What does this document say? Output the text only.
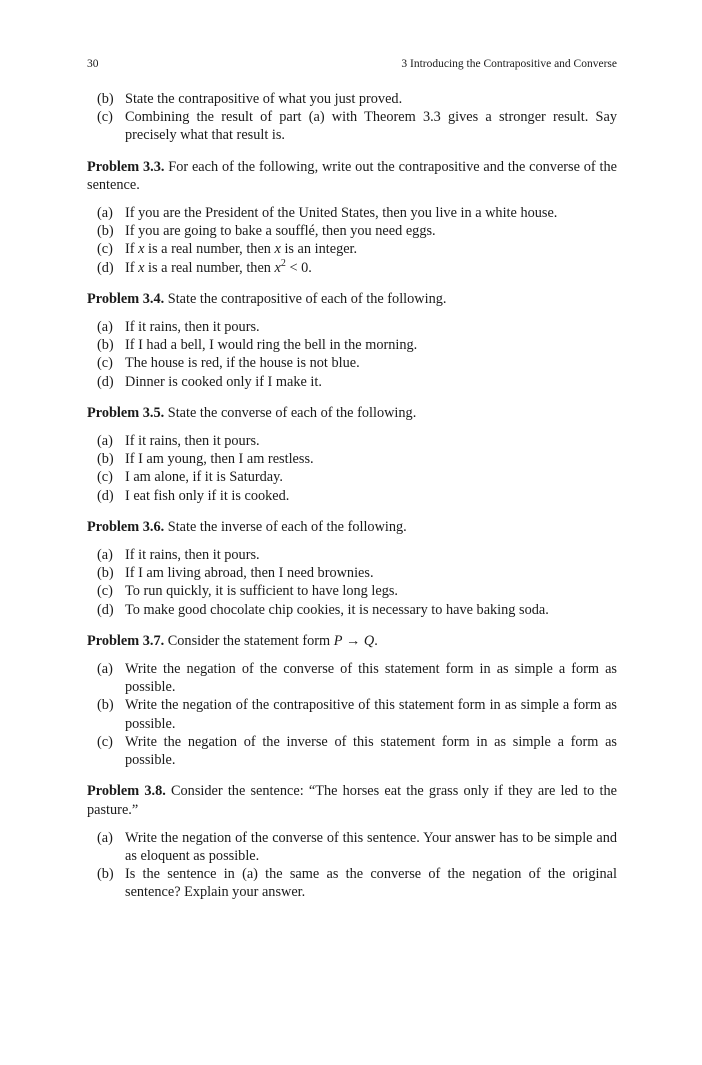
30	3 Introducing the Contrapositive and Converse
(b) State the contrapositive of what you just proved.
(c) Combining the result of part (a) with Theorem 3.3 gives a stronger result. Say precisely what that result is.
Problem 3.3. For each of the following, write out the contrapositive and the converse of the sentence.
(a) If you are the President of the United States, then you live in a white house.
(b) If you are going to bake a soufflé, then you need eggs.
(c) If x is a real number, then x is an integer.
(d) If x is a real number, then $x^2 < 0$.
Problem 3.4. State the contrapositive of each of the following.
(a) If it rains, then it pours.
(b) If I had a bell, I would ring the bell in the morning.
(c) The house is red, if the house is not blue.
(d) Dinner is cooked only if I make it.
Problem 3.5. State the converse of each of the following.
(a) If it rains, then it pours.
(b) If I am young, then I am restless.
(c) I am alone, if it is Saturday.
(d) I eat fish only if it is cooked.
Problem 3.6. State the inverse of each of the following.
(a) If it rains, then it pours.
(b) If I am living abroad, then I need brownies.
(c) To run quickly, it is sufficient to have long legs.
(d) To make good chocolate chip cookies, it is necessary to have baking soda.
Problem 3.7. Consider the statement form P → Q.
(a) Write the negation of the converse of this statement form in as simple a form as possible.
(b) Write the negation of the contrapositive of this statement form in as simple a form as possible.
(c) Write the negation of the inverse of this statement form in as simple a form as possible.
Problem 3.8. Consider the sentence: “The horses eat the grass only if they are led to the pasture.”
(a) Write the negation of the converse of this sentence. Your answer has to be simple and as eloquent as possible.
(b) Is the sentence in (a) the same as the converse of the negation of the original sentence? Explain your answer.
